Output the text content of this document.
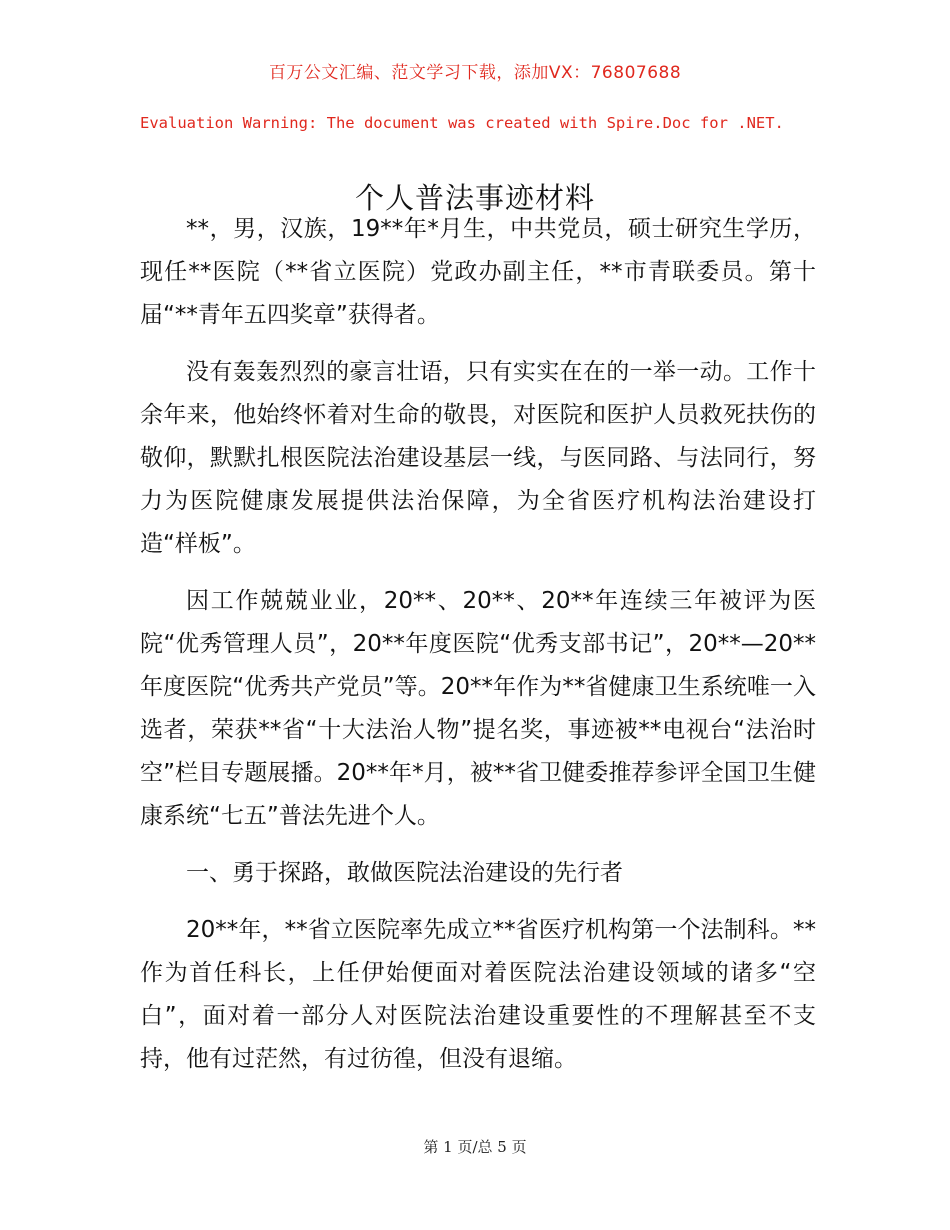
百万公文汇编、范文学习下载，添加VX：76807688
Evaluation Warning: The document was created with Spire.Doc for .NET.
个人普法事迹材料

**，男，汉族，19**年*月生，中共党员，硕士研究生学历，现任**医院（**省立医院）党政办副主任，**市青联委员。第十届“**青年五四奖章”获得者。

没有轰轰烈烈的豪言壮语，只有实实在在的一举一动。工作十余年来，他始终怀着对生命的敬畏，对医院和医护人员救死扶伤的敬仰，默默扎根医院法治建设基层一线，与医同路、与法同行，努力为医院健康发展提供法治保障，为全省医疗机构法治建设打造“样板”。

因工作兢兢业业，20**、20**、20**年连续三年被评为医院“优秀管理人员”，20**年度医院“优秀支部书记”，20**—20**年度医院“优秀共产党员”等。20**年作为**省健康卫生系统唯一入选者，荣获**省“十大法治人物”提名奖，事迹被**电视台“法治时空”栏目专题展播。20**年*月，被**省卫健委推荐参评全国卫生健康系统“七五”普法先进个人。

一、勇于探路，敢做医院法治建设的先行者

20**年，**省立医院率先成立**省医疗机构第一个法制科。**作为首任科长，上任伊始便面对着医院法治建设领域的诸多“空白”，面对着一部分人对医院法治建设重要性的不理解甚至不支持，他有过茫然，有过彷徨，但没有退缩。

第 1 页/总 5 页
